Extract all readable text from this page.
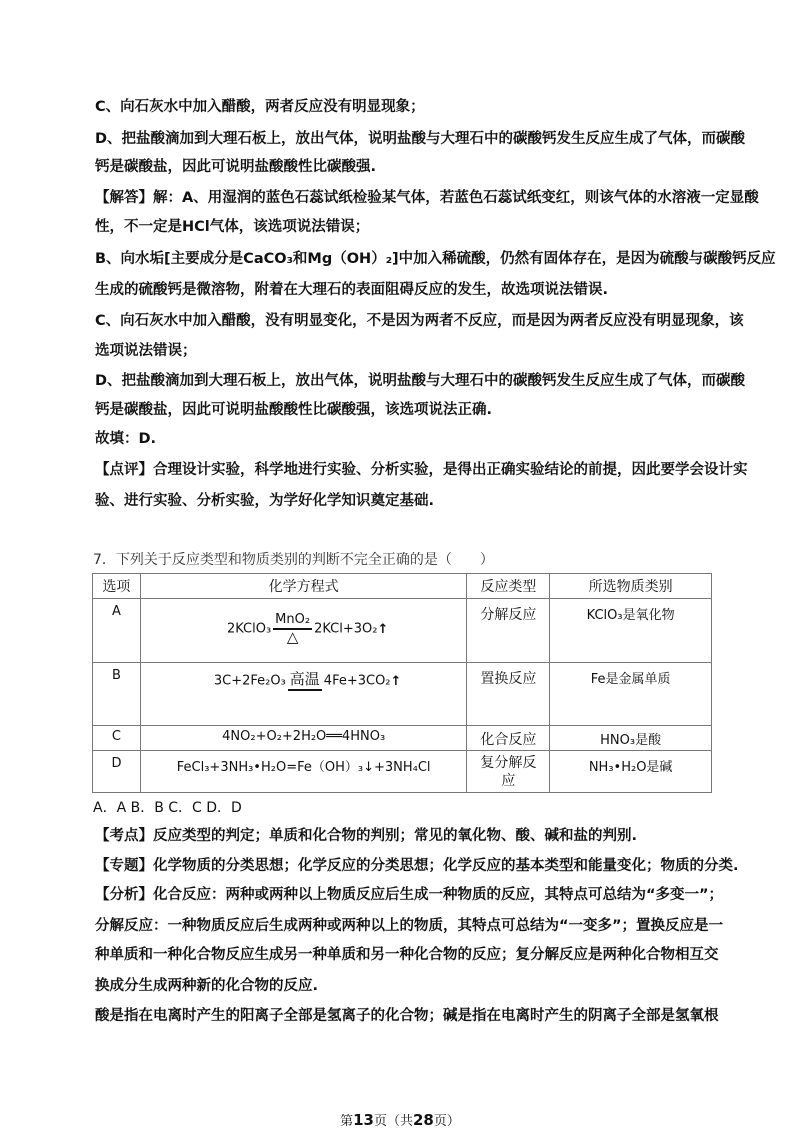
C、向石灰水中加入醋酸，两者反应没有明显现象；
D、把盐酸滴加到大理石板上，放出气体，说明盐酸与大理石中的碳酸钙发生反应生成了气体，而碳酸
钙是碳酸盐，因此可说明盐酸酸性比碳酸强.
【解答】解：A、用湿润的蓝色石蕊试纸检验某气体，若蓝色石蕊试纸变红，则该气体的水溶液一定显酸
性，不一定是HCl气体，该选项说法错误；
B、向水垢[主要成分是CaCO₃和Mg（OH）₂]中加入稀硫酸，仍然有固体存在，是因为硫酸与碳酸钙反应
生成的硫酸钙是微溶物，附着在大理石的表面阻碍反应的发生，故选项说法错误.
C、向石灰水中加入醋酸，没有明显变化，不是因为两者不反应，而是因为两者反应没有明显现象，该
选项说法错误；
D、把盐酸滴加到大理石板上，放出气体，说明盐酸与大理石中的碳酸钙发生反应生成了气体，而碳酸
钙是碳酸盐，因此可说明盐酸酸性比碳酸强，该选项说法正确.
故填：D.
【点评】合理设计实验，科学地进行实验、分析实验，是得出正确实验结论的前提，因此要学会设计实
验、进行实验、分析实验，为学好化学知识奠定基础.
7．下列关于反应类型和物质类别的判断不完全正确的是（　　）
选项	化学方程式	反应类型	所选物质类别
A	2KClO₃
MnO₂
△ 2KCl+3O₂↑	分解反应	KClO₃是氧化物
B	3C+2Fe₂O₃ 高温 4Fe+3CO₂↑	置换反应	Fe是金属单质
C	4NO₂+O₂+2H₂O══4HNO₃	化合反应	HNO₃是酸
D	FeCl₃+3NH₃•H₂O=Fe（OH）₃↓+3NH₄Cl	复分解反应	NH₃•H₂O是碱
A．A B．B C．C D．D
【考点】反应类型的判定；单质和化合物的判别；常见的氧化物、酸、碱和盐的判别.
【专题】化学物质的分类思想；化学反应的分类思想；化学反应的基本类型和能量变化；物质的分类.
【分析】化合反应：两种或两种以上物质反应后生成一种物质的反应，其特点可总结为“多变一”；
分解反应：一种物质反应后生成两种或两种以上的物质，其特点可总结为“一变多”；置换反应是一
种单质和一种化合物反应生成另一种单质和另一种化合物的反应；复分解反应是两种化合物相互交
换成分生成两种新的化合物的反应.
酸是指在电离时产生的阳离子全部是氢离子的化合物；碱是指在电离时产生的阴离子全部是氢氧根
第13页（共28页）
